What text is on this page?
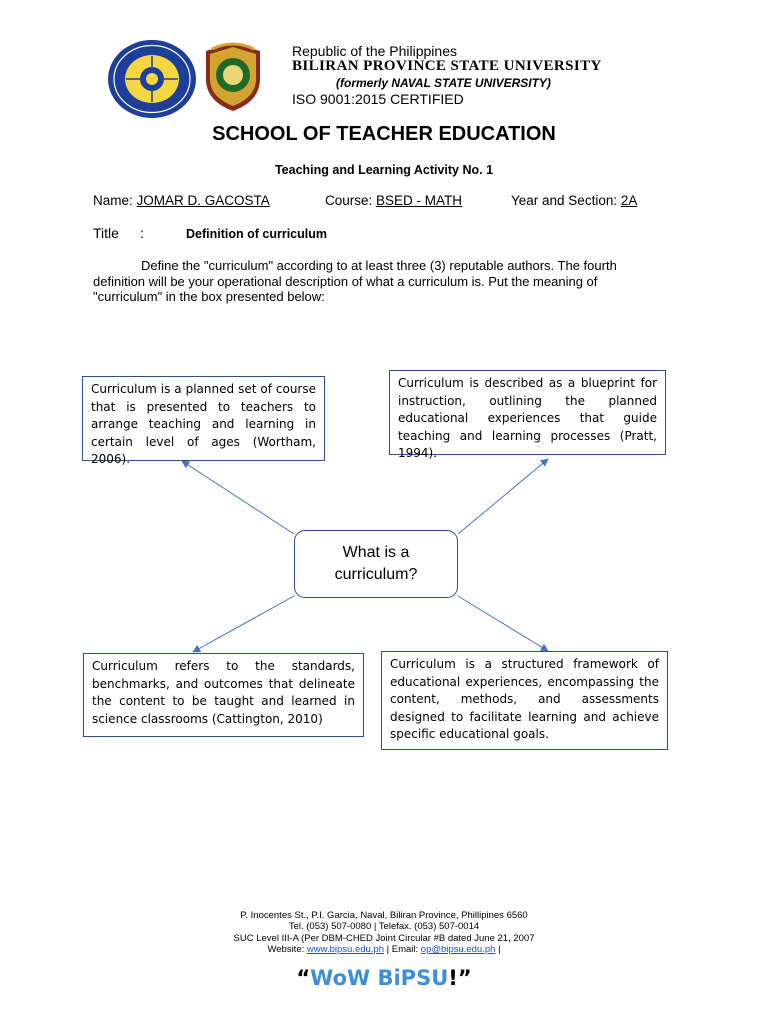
Republic of the Philippines
BILIRAN PROVINCE STATE UNIVERSITY
(formerly NAVAL STATE UNIVERSITY)
ISO 9001:2015 CERTIFIED
SCHOOL OF TEACHER EDUCATION
Teaching and Learning Activity No. 1
Name: JOMAR D. GACOSTA	Course: BSED - MATH	Year and Section: 2A
Title :	Definition of curriculum
Define the "curriculum" according to at least three (3) reputable authors. The fourth definition will be your operational description of what a curriculum is. Put the meaning of "curriculum" in the box presented below:
Curriculum is a planned set of course that is presented to teachers to arrange teaching and learning in certain level of ages (Wortham, 2006).
Curriculum is described as a blueprint for instruction, outlining the planned educational experiences that guide teaching and learning processes (Pratt, 1994).
What is a curriculum?
Curriculum refers to the standards, benchmarks, and outcomes that delineate the content to be taught and learned in science classrooms (Cattington, 2010)
Curriculum is a structured framework of educational experiences, encompassing the content, methods, and assessments designed to facilitate learning and achieve specific educational goals.
P. Inocentes St., P.I. Garcia, Naval, Biliran Province, Phillipines 6560
Tel. (053) 507-0080 | Telefax. (053) 507-0014
SUC Level III-A (Per DBM-CHED Joint Circular #B dated June 21, 2007
Website: www.bipsu.edu.ph | Email: op@bipsu.edu.ph |
“WoW BiPSU!”
